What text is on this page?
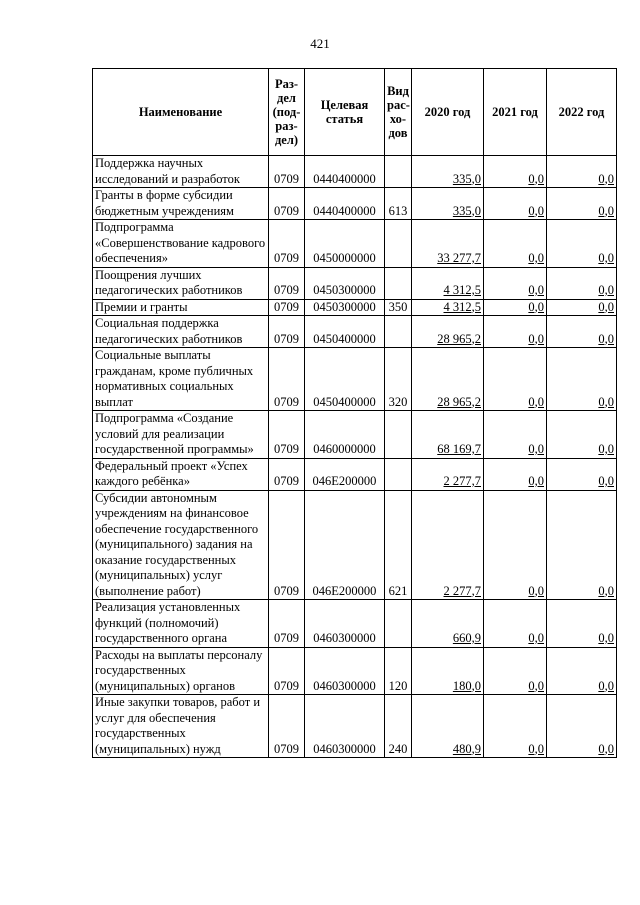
421
Наименование	Раз-дел (под-раз-дел)	Целевая статья	Вид рас-хо-дов	2020 год	2021 год	2022 год
Поддержка научных исследований и разработок	0709	0440400000		335,0	0,0	0,0
Гранты в форме субсидии бюджетным учреждениям	0709	0440400000	613	335,0	0,0	0,0
Подпрограмма «Совершенствование кадрового обеспечения»	0709	0450000000		33 277,7	0,0	0,0
Поощрения лучших педагогических работников	0709	0450300000		4 312,5	0,0	0,0
Премии и гранты	0709	0450300000	350	4 312,5	0,0	0,0
Социальная поддержка педагогических работников	0709	0450400000		28 965,2	0,0	0,0
Социальные выплаты гражданам, кроме публичных нормативных социальных выплат	0709	0450400000	320	28 965,2	0,0	0,0
Подпрограмма «Создание условий для реализации государственной программы»	0709	0460000000		68 169,7	0,0	0,0
Федеральный проект «Успех каждого ребёнка»	0709	046E200000		2 277,7	0,0	0,0
Субсидии автономным учреждениям на финансовое обеспечение государственного (муниципального) задания на оказание государственных (муниципальных) услуг (выполнение работ)	0709	046E200000	621	2 277,7	0,0	0,0
Реализация установленных функций (полномочий) государственного органа	0709	0460300000		660,9	0,0	0,0
Расходы на выплаты персоналу государственных (муниципальных) органов	0709	0460300000	120	180,0	0,0	0,0
Иные закупки товаров, работ и услуг для обеспечения государственных (муниципальных) нужд	0709	0460300000	240	480,9	0,0	0,0
